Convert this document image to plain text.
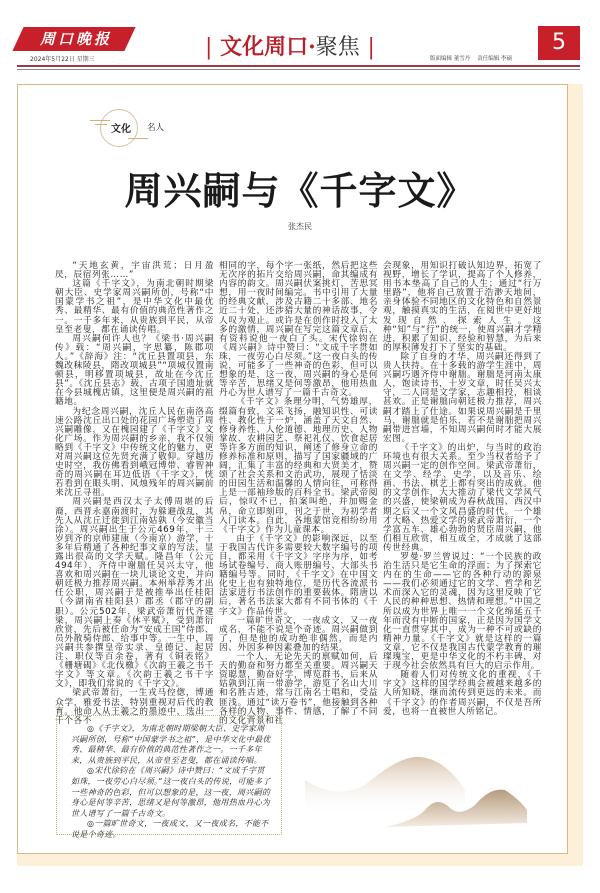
周口晚报
2024年5月22日 星期三	| 文化周口·聚焦 |	版面编辑 董雪丹 责任编辑 李硕
5
文化 名人
周兴嗣与《千字文》
张杰民

“天地玄黄，宇宙洪荒；日月盈昃，辰宿列张……”

这篇《千字文》，为南北朝时期梁朝大臣、史学家周兴嗣所创，号称“中国蒙学书之祖”，是中华文化中最优秀、最精华、最有价值的典范性著作之一。一千多年来，从贵族到平民，从帝皇至老叟，都在诵读传唱。

周兴嗣何许人也？《梁书·周兴嗣传》载：“周兴嗣，字思纂，陈郡项人。”《辞海》注：“沈丘县置项县，东魏改秣陵县，隋改项城县”“项城仅置南顿县，明移置项城县，故址在今沈丘县”。《沈丘县志》载，古项子国遗址就在今县城槐店镇，这里便是周兴嗣的祖籍地。

为纪念周兴嗣，沈丘人民在南洛高速公路沈丘出口处的花园广场塑造了周兴嗣雕像，又在槐园建了《千字文》文化广场。作为周兴嗣的乡亲，我不仅领略到《千字文》中传统文化的魅力，更对周兴嗣这位先贤充满了敬仰。穿越历史时空，我仿佛看到峨冠博带、睿智神奇的周兴嗣在耳边低语《千字文》，恍若看到在眼头明、风烛残年的周兴嗣前来沈丘寻祖。

周兴嗣是西汉太子太傅周堪的后裔，西晋永嘉南渡时，为躲避战乱，其先人从沈丘迁徙到江南姑孰（今安徽当涂）。周兴嗣出生于公元469年，十三岁到齐的京师建康（今南京）游学，十多年后精通了各种纪事文章的写法，显露出很高的文学天赋。隆昌年（公元494年），齐侍中谢朏任吴兴太守，他喜欢和周兴嗣在一块儿谈论文史，并向朝廷极力推荐周兴嗣。本州举荐秀才出任公职，周兴嗣于是被推举出任桂阳（今湖南省桂阳县）郡丞（郡守的副职）。公元502年，梁武帝萧衍代齐建梁，周兴嗣上奏《休平赋》，受到萧衍欣赏，先后被任命为“安成王国”侍郎、员外散骑侍郎、给事中等。一生中，周兴嗣共参撰皇帝实录、皇德记、起居注、职仪等百余卷，著有《铜表铭》《栅塘碣》《北伐檄》《次韵王羲之书千字文》等文章。《次韵王羲之书千字文》，即我们常说的《千字文》。

梁武帝萧衍，一生戎马倥偬，博通众学，雅爱书法，特别重视对后代的教育。他命人从王羲之的墨迹中，选出一千个各不

相同的字，每个字一张纸，然后把这些无次序的拓片交给周兴嗣，命其编成有内容的韵文。周兴嗣伏案挑灯，苦思冥想，用一夜时间编完。书中引用了大量的经典文献，涉及古籍二十多部、地名近二十处，还涉猎大量的神话故事，令人叹为观止。或许是在创作时投入了太多的激情，周兴嗣在写完这篇文章后，有资料说他一夜白了头。宋代徐钧在《周兴嗣》诗中赞曰：“文成千字贯如珠，一夜劳心白尽须。”这一夜白头的传说，可能多了一些神奇的色彩，但可以想象的是，这一夜，周兴嗣的身心是何等辛苦，思绪又是何等激昂，他用热血丹心为世人谱写了一篇千古奇文。

《千字文》条理分明，气势雄厚，缀篇有致，文采飞扬，融知识性、可读性、教化性于一炉，涵盖了天文自然、修身养性、人伦道德、地理历史、人物掌故、农耕园艺、祭祀礼仪、饮食起居等许多方面的知识，阐述了修身立命的修养标准和原则，描写了国家疆域的广阔，汇集了丰富的经典和大贤美才，赞颂了社会关系和文治武功，展现了恬淡的田园生活和温馨的人情向往，可称得上是一部袖珍版的百科全书。梁武帝阅后，惊叹不已，拍案叫绝，并加赐金帛，命立即刻印，刊之于世，为初学者入门读本。自此，各地蒙馆竞相纷纷用《千字文》作为儿童课本。

由于《千字文》的影响深远，以至于我国古代许多需要较大数字编号的项目，都采用《千字文》字序为序，如考场试卷编号、商人账册编号、大部头书籍编号等。同时，《千字文》在中国文化史上也有独特地位，是历代各流派书法家进行书法创作的重要载体。隋唐以后，著名书法家大都有不同书体的《千字文》作品传世。

一篇旷世奇文，一夜成文，又一夜成名，不能不说是个奇迹。周兴嗣做到了，但是他的成功绝非偶然，而是内因、外因多种因素叠加的结果。

一个人，无论先天的禀赋如何，后天的勤奋和努力都至关重要。周兴嗣天资聪慧，勤奋好学，博览群书，后来从姑孰到江南一带游学，游览了名山大川和名胜古迹，常与江南名士唱和，受益匪浅。通过“读万卷书”，他接触到各种各样的人物、事件、情感，了解了不同的文化背景和社

会现象，用知识打破认知边界，拓宽了视野，增长了学识，提高了个人修养，用书本垫高了自己的人生；通过“行万里路”，他将自己放置于浩渺天地间，亲身体验不同地区的文化特色和自然景观，触摸真实的生活，在阅世中更好地发现自然、探索人生。这种“知”与“行”的统一，使周兴嗣才学精进，积累了知识、经验和智慧，为后来的厚积薄发打下了坚实的基础。

除了自身的才华，周兴嗣还得到了贵人扶持。在十多载的游学生涯中，周兴嗣巧遇齐侍中谢朏。谢朏是河南太康人，饱读诗书，十岁文章，时任吴兴太守，二人同是文学家，志趣相投，相谈甚欢。正是谢朏向朝廷极力推荐，周兴嗣才踏上了仕途。如果说周兴嗣是千里马，谢朏就是伯乐，若不是谢朏把周兴嗣带进宫墙，不知周兴嗣何时才能大展宏图。

《千字文》的出炉，与当时的政治环境也有很大关系。至少当权者给予了周兴嗣一定的创作空间。梁武帝萧衍，在文学、经学、史学，以及音乐、绘画、书法、棋艺上都有突出的成就。他的文学创作，大大推动了梁代文学风气的兴盛，使梁朝成为春秋战国、西汉中期之后又一个文风昌盛的时代。一个雄才大略、热爱文学的梁武帝萧衍，一个学富五车、雄心勃勃的贤臣周兴嗣，他们相互欣赏，相互成全，才成就了这部传世经典。

罗曼·罗兰曾说过：“一个民族的政治生活只是它生命的浮面；为了探索它内在的生命——它的各种行动的源泉——我们必须通过它的文学、哲学和艺术而深入它的灵魂，因为这里反映了它人民的种种思想、热情和理想。”中国之所以成为世界上唯一一个文化绵延五千年而没有中断的国家，正是因为国学文化一直贯穿其中，成为一种不可或缺的精神力量。《千字文》就是这样的一篇文章，它不仅是我国古代蒙学教育的璀璨瑰宝，更是中华文化的不朽丰碑，对于现今社会依然具有巨大的启示作用。

随着人们对传统文化的重视，《千字文》这样的国学经典会被越来越多的人所知晓，继而流传到更远的未来。而《千字文》的作者周兴嗣，不仅是吾所爱，也将一直被世人所铭记。

◎《千字文》，为南北朝时期梁朝大臣、史学家周兴嗣所创，号称“中国蒙学书之祖”，是中华文化中最优秀、最精华、最有价值的典范性著作之一。一千多年来，从贵族到平民，从帝皇至老叟，都在诵读传唱。

◎宋代徐钧在《周兴嗣》诗中赞曰：“文成千字贯如珠，一夜劳心白尽须。”这一夜白头的传说，可能多了一些神奇的色彩，但可以想象的是，这一夜，周兴嗣的身心是何等辛苦，思绪又是何等激昂，他用热血丹心为世人谱写了一篇千古奇文。

◎一篇旷世奇文，一夜成文，又一夜成名，不能不说是个奇迹。
